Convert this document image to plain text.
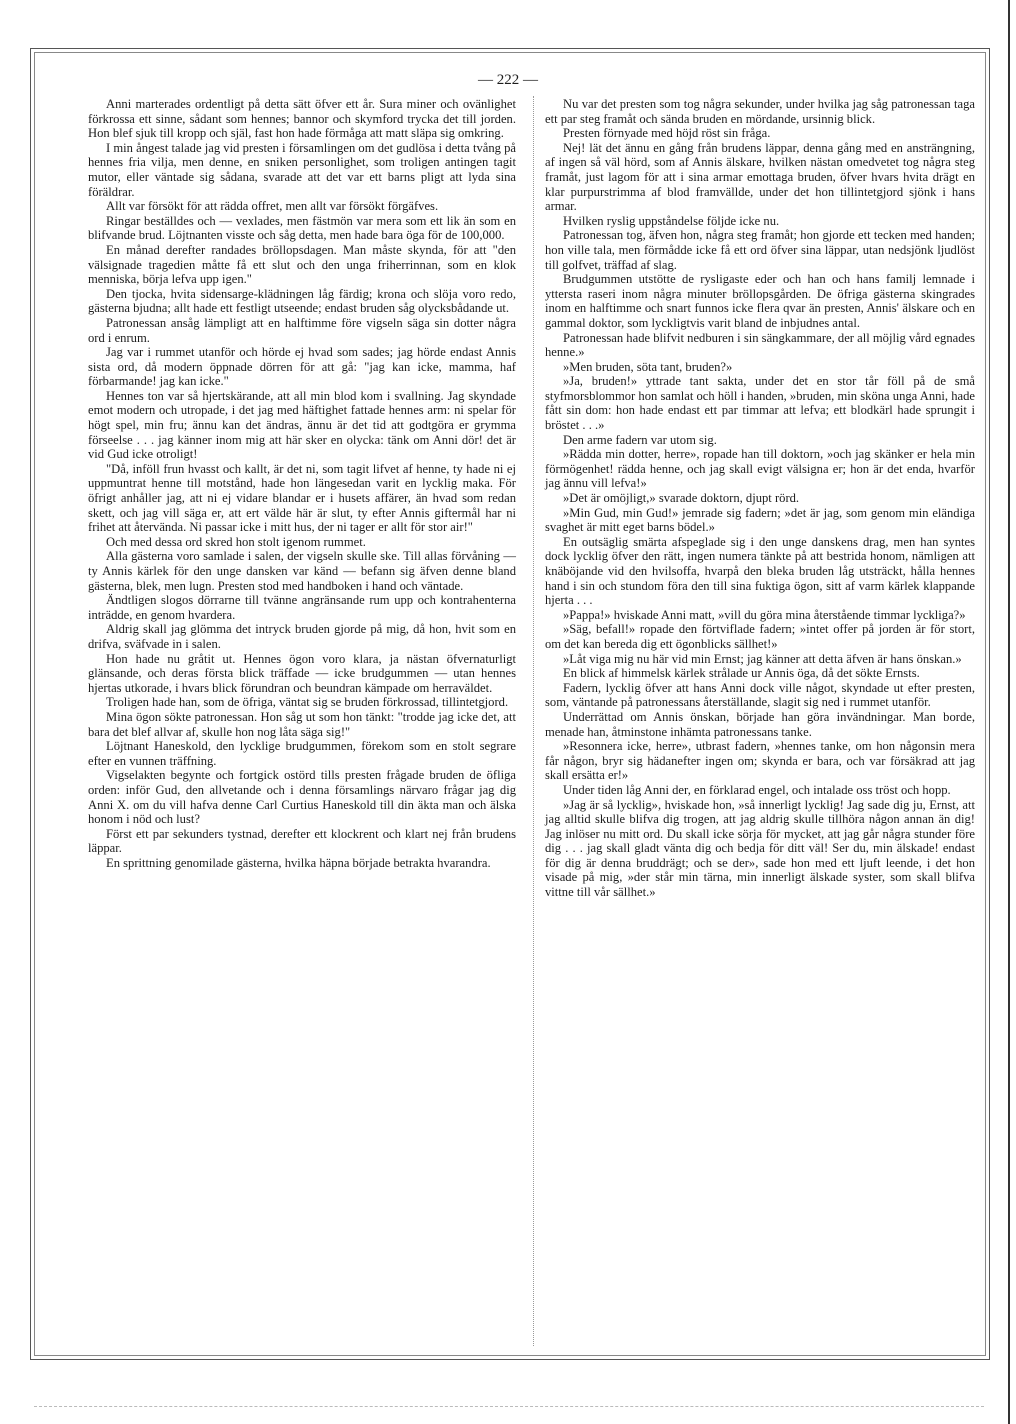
— 222 —

Anni marterades ordentligt på detta sätt öfver ett år. Sura miner och ovänlighet förkrossa ett sinne, sådant som hennes; bannor och skymford trycka det till jorden. Hon blef sjuk till kropp och själ, fast hon hade förmåga att matt släpa sig omkring.

I min ångest talade jag vid presten i församlingen om det gudlösa i detta tvång på hennes fria vilja, men denne, en sniken personlighet, som troligen antingen tagit mutor, eller väntade sig sådana, svarade att det var ett barns pligt att lyda sina föräldrar.

Allt var försökt för att rädda offret, men allt var försökt förgäfves.

Ringar beställdes och — vexlades, men fästmön var mera som ett lik än som en blifvande brud. Löjtnanten visste och såg detta, men hade bara öga för de 100,000.

En månad derefter randades bröllopsdagen. Man måste skynda, för att "den välsignade tragedien måtte få ett slut och den unga friherrinnan, som en klok menniska, börja lefva upp igen."

Den tjocka, hvita sidensarge-klädningen låg färdig; krona och slöja voro redo, gästerna bjudna; allt hade ett festligt utseende; endast bruden såg olycksbådande ut.

Patronessan ansåg lämpligt att en halftimme före vigseln säga sin dotter några ord i enrum.

Jag var i rummet utanför och hörde ej hvad som sades; jag hörde endast Annis sista ord, då modern öppnade dörren för att gå: "jag kan icke, mamma, haf förbarmande! jag kan icke."

Hennes ton var så hjertskärande, att all min blod kom i svallning. Jag skyndade emot modern och utropade, i det jag med häftighet fattade hennes arm: ni spelar för högt spel, min fru; ännu kan det ändras, ännu är det tid att godtgöra er grymma förseelse . . . jag känner inom mig att här sker en olycka: tänk om Anni dör! det är vid Gud icke otroligt!

"Då, inföll frun hvasst och kallt, är det ni, som tagit lifvet af henne, ty hade ni ej uppmuntrat henne till motstånd, hade hon längesedan varit en lycklig maka. För öfrigt anhåller jag, att ni ej vidare blandar er i husets affärer, än hvad som redan skett, och jag vill säga er, att ert välde här är slut, ty efter Annis giftermål har ni frihet att återvända. Ni passar icke i mitt hus, der ni tager er allt för stor air!"

Och med dessa ord skred hon stolt igenom rummet.

Alla gästerna voro samlade i salen, der vigseln skulle ske. Till allas förvåning — ty Annis kärlek för den unge dansken var känd — befann sig äfven denne bland gästerna, blek, men lugn. Presten stod med handboken i hand och väntade.

Ändtligen slogos dörrarne till tvänne angränsande rum upp och kontrahenterna inträdde, en genom hvardera.

Aldrig skall jag glömma det intryck bruden gjorde på mig, då hon, hvit som en drifva, sväfvade in i salen.

Hon hade nu gråtit ut. Hennes ögon voro klara, ja nästan öfvernaturligt glänsande, och deras första blick träffade — icke brudgummen — utan hennes hjertas utkorade, i hvars blick förundran och beundran kämpade om herraväldet.

Troligen hade han, som de öfriga, väntat sig se bruden förkrossad, tillintetgjord.

Mina ögon sökte patronessan. Hon såg ut som hon tänkt: "trodde jag icke det, att bara det blef allvar af, skulle hon nog låta säga sig!"

Löjtnant Haneskold, den lycklige brudgummen, förekom som en stolt segrare efter en vunnen träffning.

Vigselakten begynte och fortgick ostörd tills presten frågade bruden de öfliga orden: inför Gud, den allvetande och i denna församlings närvaro frågar jag dig Anni X. om du vill hafva denne Carl Curtius Haneskold till din äkta man och älska honom i nöd och lust?

Först ett par sekunders tystnad, derefter ett klockrent och klart nej från brudens läppar.

En sprittning genomilade gästerna, hvilka häpna började betrakta hvarandra.

Nu var det presten som tog några sekunder, under hvilka jag såg patronessan taga ett par steg framåt och sända bruden en mördande, ursinnig blick.

Presten förnyade med höjd röst sin fråga.

Nej! lät det ännu en gång från brudens läppar, denna gång med en ansträngning, af ingen så väl hörd, som af Annis älskare, hvilken nästan omedvetet tog några steg framåt, just lagom för att i sina armar emottaga bruden, öfver hvars hvita drägt en klar purpurstrimma af blod framvällde, under det hon tillintetgjord sjönk i hans armar.

Hvilken ryslig uppståndelse följde icke nu.

Patronessan tog, äfven hon, några steg framåt; hon gjorde ett tecken med handen; hon ville tala, men förmådde icke få ett ord öfver sina läppar, utan nedsjönk ljudlöst till golfvet, träffad af slag.

Brudgummen utstötte de rysligaste eder och han och hans familj lemnade i yttersta raseri inom några minuter bröllopsgården. De öfriga gästerna skingrades inom en halftimme och snart funnos icke flera qvar än presten, Annis' älskare och en gammal doktor, som lyckligtvis varit bland de inbjudnes antal.

Patronessan hade blifvit nedburen i sin sängkammare, der all möjlig vård egnades henne.»

»Men bruden, söta tant, bruden?»

»Ja, bruden!» yttrade tant sakta, under det en stor tår föll på de små styfmorsblommor hon samlat och höll i handen, »bruden, min sköna unga Anni, hade fått sin dom: hon hade endast ett par timmar att lefva; ett blodkärl hade sprungit i bröstet . . .»

Den arme fadern var utom sig.

»Rädda min dotter, herre», ropade han till doktorn, »och jag skänker er hela min förmögenhet! rädda henne, och jag skall evigt välsigna er; hon är det enda, hvarför jag ännu vill lefva!»

»Det är omöjligt,» svarade doktorn, djupt rörd.

»Min Gud, min Gud!» jemrade sig fadern; »det är jag, som genom min eländiga svaghet är mitt eget barns bödel.»

En outsäglig smärta afspeglade sig i den unge danskens drag, men han syntes dock lycklig öfver den rätt, ingen numera tänkte på att bestrida honom, nämligen att knäböjande vid den hvilsoffa, hvarpå den bleka bruden låg utsträckt, hålla hennes hand i sin och stundom föra den till sina fuktiga ögon, sitt af varm kärlek klappande hjerta . . .

»Pappa!» hviskade Anni matt, »vill du göra mina återstående timmar lyckliga?»

»Säg, befall!» ropade den förtviflade fadern; »intet offer på jorden är för stort, om det kan bereda dig ett ögonblicks sällhet!»

»Låt viga mig nu här vid min Ernst; jag känner att detta äfven är hans önskan.»

En blick af himmelsk kärlek strålade ur Annis öga, då det sökte Ernsts.

Fadern, lycklig öfver att hans Anni dock ville något, skyndade ut efter presten, som, väntande på patronessans återställande, slagit sig ned i rummet utanför.

Underrättad om Annis önskan, började han göra invändningar. Man borde, menade han, åtminstone inhämta patronessans tanke.

»Resonnera icke, herre», utbrast fadern, »hennes tanke, om hon någonsin mera får någon, bryr sig hädanefter ingen om; skynda er bara, och var försäkrad att jag skall ersätta er!»

Under tiden låg Anni der, en förklarad engel, och intalade oss tröst och hopp.

»Jag är så lycklig», hviskade hon, »så innerligt lycklig! Jag sade dig ju, Ernst, att jag alltid skulle blifva dig trogen, att jag aldrig skulle tillhöra någon annan än dig! Jag inlöser nu mitt ord. Du skall icke sörja för mycket, att jag går några stunder före dig . . . jag skall gladt vänta dig och bedja för ditt väl! Ser du, min älskade! endast för dig är denna bruddrägt; och se der», sade hon med ett ljuft leende, i det hon visade på mig, »der står min tärna, min innerligt älskade syster, som skall blifva vittne till vår sällhet.»
